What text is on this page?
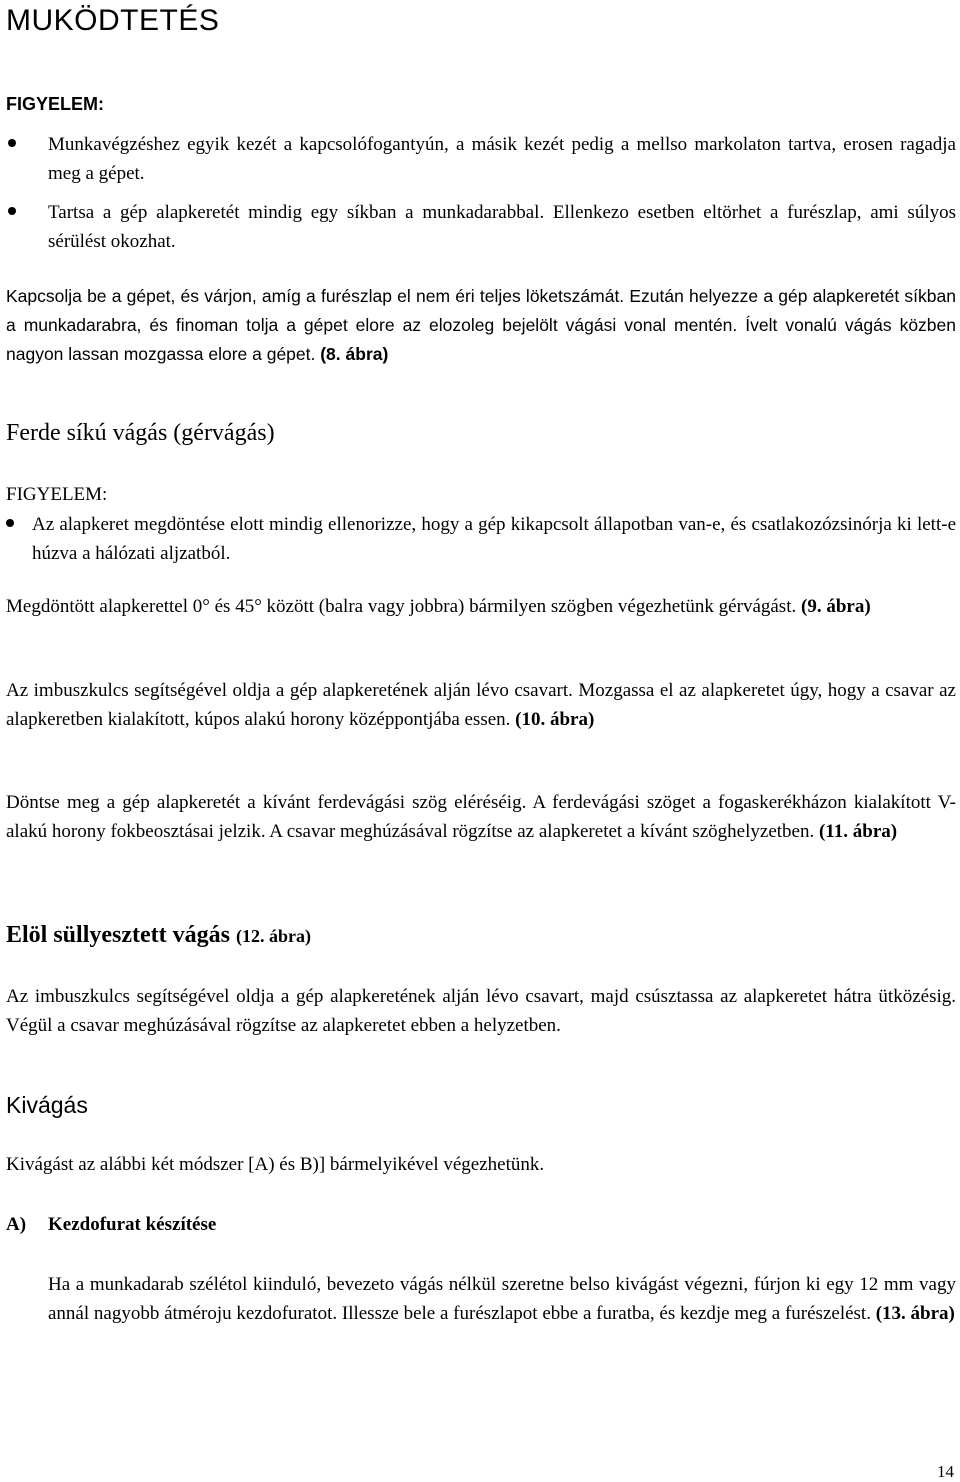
MUKÖDTETÉS
FIGYELEM:
Munkavégzéshez egyik kezét a kapcsolófogantyún, a másik kezét pedig a mellso markolaton tartva, erosen ragadja meg a gépet.
Tartsa a gép alapkeretét mindig egy síkban a munkadarabbal. Ellenkezo esetben eltörhet a furészlap, ami súlyos sérülést okozhat.
Kapcsolja be a gépet, és várjon, amíg a furészlap el nem éri teljes löketszámát. Ezután helyezze a gép alapkeretét síkban a munkadarabra, és finoman tolja a gépet elore az elozoleg bejelölt vágási vonal mentén. Ívelt vonalú vágás közben nagyon lassan mozgassa elore a gépet. (8. ábra)
Ferde síkú vágás (gérvágás)
FIGYELEM:
Az alapkeret megdöntése elott mindig ellenorizze, hogy a gép kikapcsolt állapotban van-e, és csatlakozózsinórja ki lett-e húzva a hálózati aljzatból.
Megdöntött alapkerettel 0° és 45° között (balra vagy jobbra) bármilyen szögben végezhetünk gérvágást. (9. ábra)
Az imbuszkulcs segítségével oldja a gép alapkeretének alján lévo csavart. Mozgassa el az alapkeretet úgy, hogy a csavar az alapkeretben kialakított, kúpos alakú horony középpontjába essen. (10. ábra)
Döntse meg a gép alapkeretét a kívánt ferdevágási szög eléréséig. A ferdevágási szöget a fogaskerékházon kialakított V-alakú horony fokbeosztásai jelzik. A csavar meghúzásával rögzítse az alapkeretet a kívánt szöghelyzetben. (11. ábra)
Elöl süllyesztett vágás (12. ábra)
Az imbuszkulcs segítségével oldja a gép alapkeretének alján lévo csavart, majd csúsztassa az alapkeretet hátra ütközésig. Végül a csavar meghúzásával rögzítse az alapkeretet ebben a helyzetben.
Kivágás
Kivágást az alábbi két módszer [A) és B)] bármelyikével végezhetünk.
A) Kezdofurat készítése
Ha a munkadarab szélétol kiinduló, bevezeto vágás nélkül szeretne belso kivágást végezni, fúrjon ki egy 12 mm vagy annál nagyobb átméroju kezdofuratot. Illessze bele a furészlapot ebbe a furatba, és kezdje meg a furészelést. (13. ábra)
14
